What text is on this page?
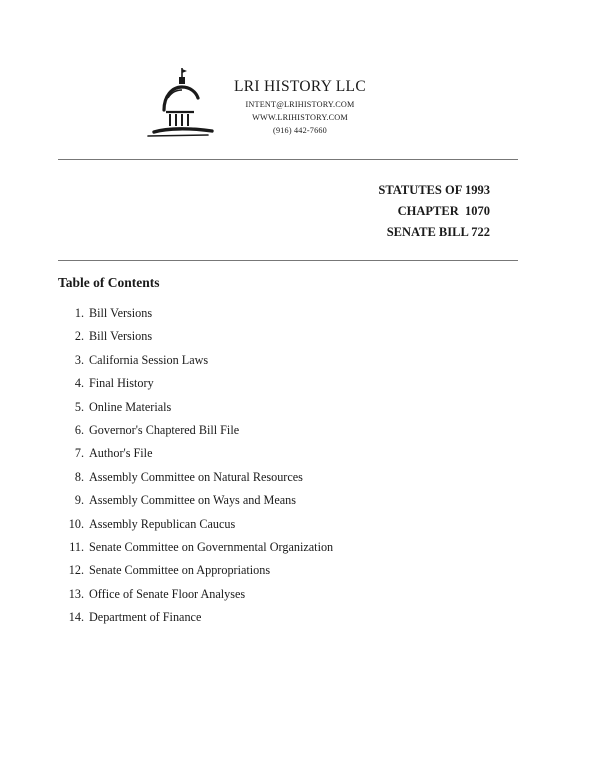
LRI HISTORY LLC
INTENT@LRIHISTORY.COM
WWW.LRIHISTORY.COM
(916) 442-7660
STATUTES OF 1993
CHAPTER  1070
SENATE BILL 722
Table of Contents
1. Bill Versions
2. Bill Versions
3. California Session Laws
4. Final History
5. Online Materials
6. Governor's Chaptered Bill File
7. Author's File
8. Assembly Committee on Natural Resources
9. Assembly Committee on Ways and Means
10. Assembly Republican Caucus
11. Senate Committee on Governmental Organization
12. Senate Committee on Appropriations
13. Office of Senate Floor Analyses
14. Department of Finance
